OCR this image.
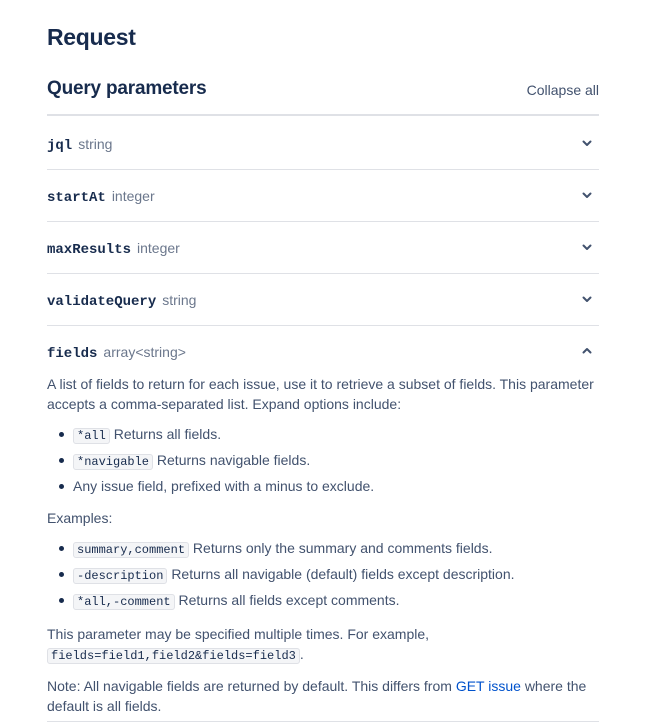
Request
Query parameters	Collapse all
jql string
startAt integer
maxResults integer
validateQuery string
fields array<string>

A list of fields to return for each issue, use it to retrieve a subset of fields. This parameter accepts a comma-separated list. Expand options include:

*all Returns all fields.
*navigable Returns navigable fields.
Any issue field, prefixed with a minus to exclude.

Examples:

summary,comment Returns only the summary and comments fields.
-description Returns all navigable (default) fields except description.
*all,-comment Returns all fields except comments.

This parameter may be specified multiple times. For example,
fields=field1,field2&fields=field3 .

Note: All navigable fields are returned by default. This differs from GET issue where the default is all fields.
